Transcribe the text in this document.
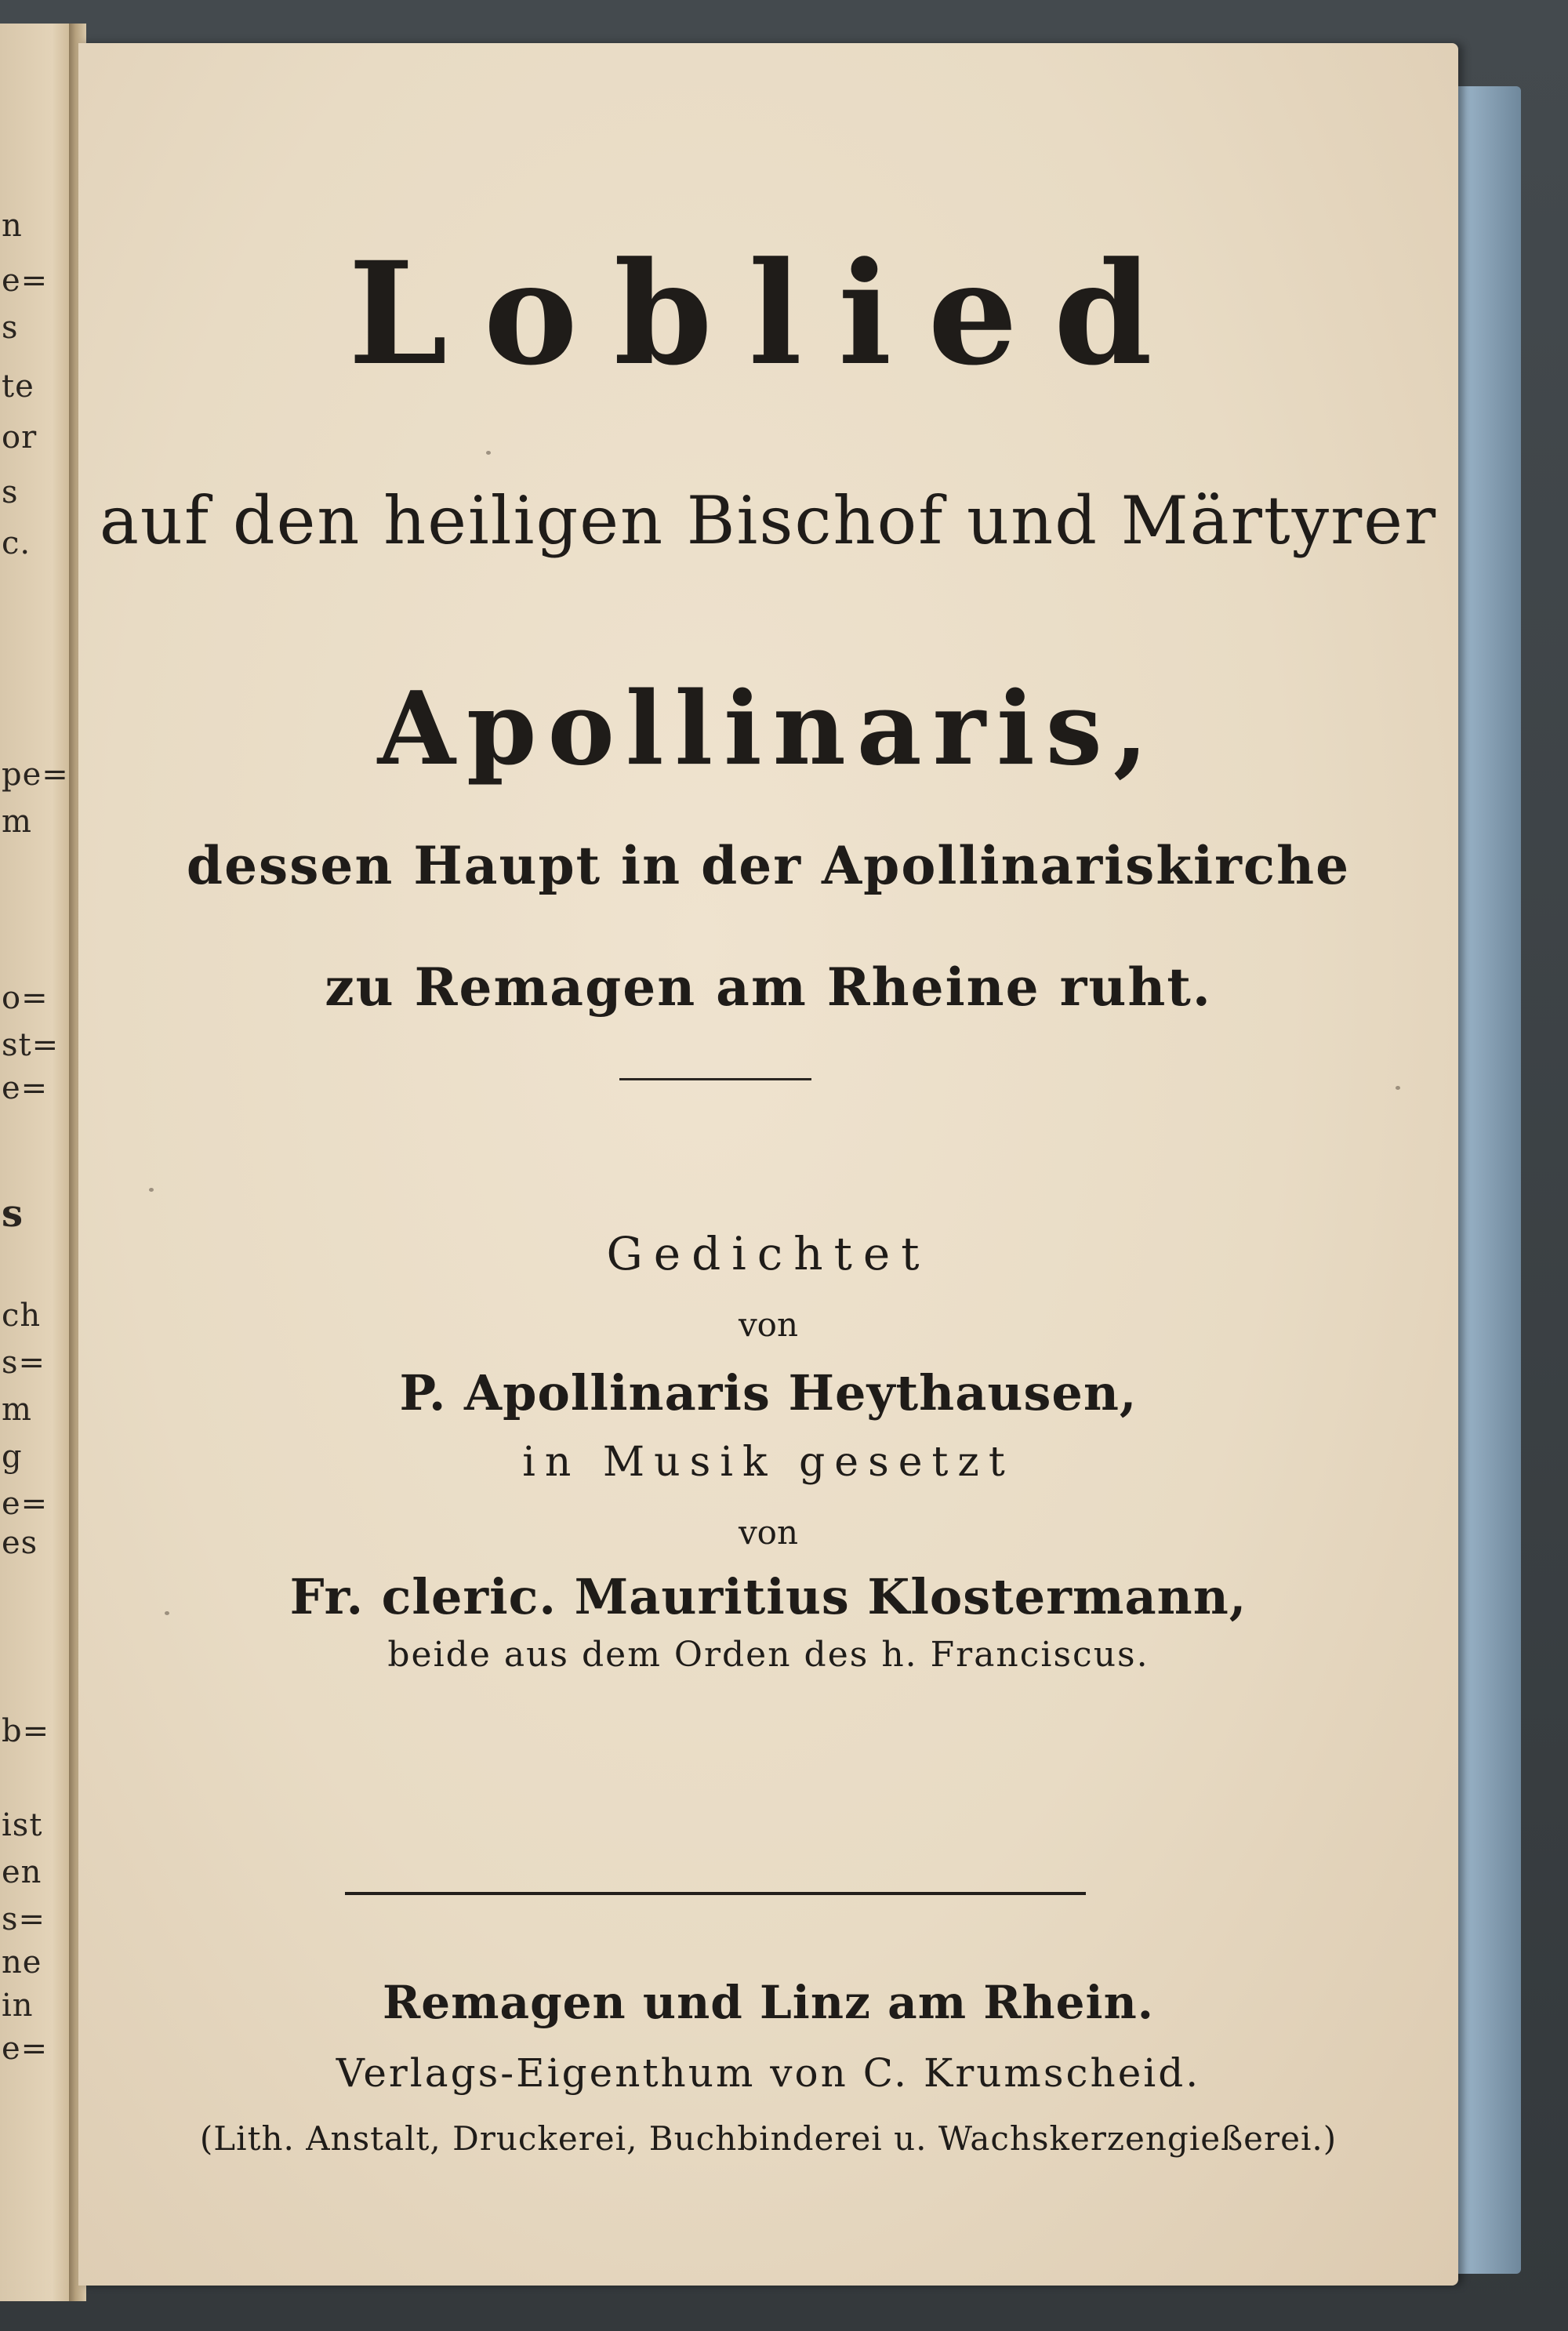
n
e=
s
te
or
s
c.
pe=
m
o=
st=
e=
s
ch
s=
m
g
e=
es
b=
ist
en
s=
ne
in
e=
Loblied
auf den heiligen Bischof und Märtyrer
Apollinaris,
dessen Haupt in der Apollinariskirche
zu Remagen am Rheine ruht.
Gedichtet
von
P. Apollinaris Heythausen,
in Musik gesetzt
von
Fr. cleric. Mauritius Klostermann,
beide aus dem Orden des h. Franciscus.
Remagen und Linz am Rhein.
Verlags-Eigenthum von C. Krumscheid.
(Lith. Anstalt, Druckerei, Buchbinderei u. Wachskerzengießerei.)
